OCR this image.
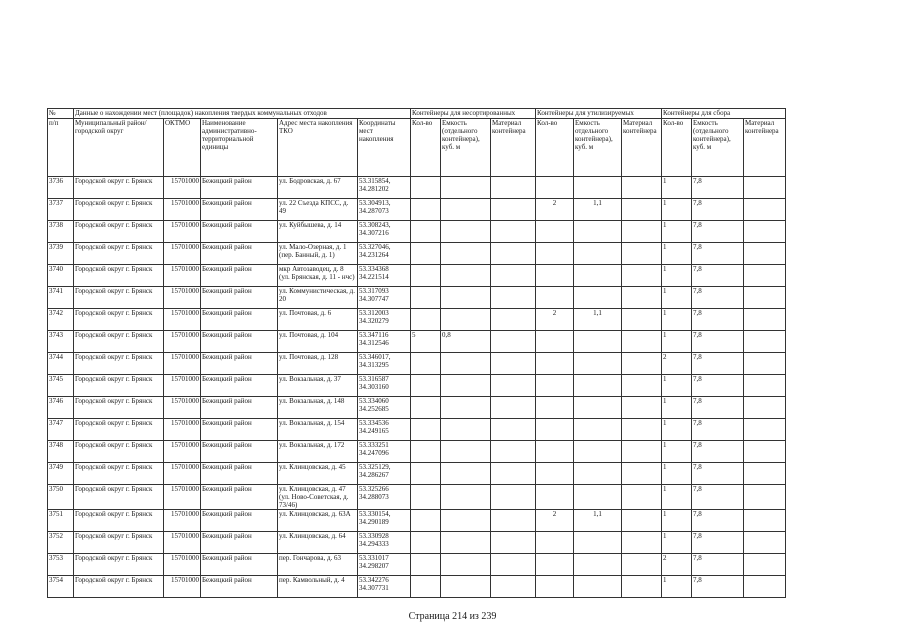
№	Данные о нахождении мест (площадок) накопления твердых коммунальных отходов					Контейнеры для несортированных			Контейнеры для утилизируемых			Контейнеры для сбора		
п/п	Муниципальный район/городской округ	ОКТМО	Наименование административно-территориальной единицы	Адрес места накопления ТКО	Координаты мест накопления	Кол-во	Емкость (отдельного контейнера), куб. м	Материал контейнера	Кол-во	Емкость отдельного контейнера), куб. м	Материал контейнера	Кол-во	Емкость (отдельного контейнера), куб. м	Материал контейнера
3736	Городской округ г. Брянск	15701000	Бежицкий район	ул. Бодровская, д. 67	53.315854, 34.281202							1	7,8	
3737	Городской округ г. Брянск	15701000	Бежицкий район	ул. 22 Съезда КПСС, д. 49	53.304913, 34.287073				2	1,1		1	7,8	
3738	Городской округ г. Брянск	15701000	Бежицкий район	ул. Куйбышева, д. 14	53.308243, 34.307216							1	7,8	
3739	Городской округ г. Брянск	15701000	Бежицкий район	ул. Мало-Озерная, д. 1 (пер. Банный, д. 1)	53.327046, 34.231264							1	7,8	
3740	Городской округ г. Брянск	15701000	Бежицкий район	мкр Автозаводец, д. 8 (ул. Брянская, д. 11 - нчс)	53.334368 34.221514							1	7,8	
3741	Городской округ г. Брянск	15701000	Бежицкий район	ул. Коммунистическая, д. 20	53.317093 34.307747							1	7,8	
3742	Городской округ г. Брянск	15701000	Бежицкий район	ул. Почтовая, д. 6	53.312003 34.320279				2	1,1		1	7,8	
3743	Городской округ г. Брянск	15701000	Бежицкий район	ул. Почтовая, д. 104	53.347116 34.312546	5	0,8					1	7,8	
3744	Городской округ г. Брянск	15701000	Бежицкий район	ул. Почтовая, д. 128	53.346017, 34.313295							2	7,8	
3745	Городской округ г. Брянск	15701000	Бежицкий район	ул. Вокзальная, д. 37	53.316587 34.303160							1	7,8	
3746	Городской округ г. Брянск	15701000	Бежицкий район	ул. Вокзальная, д. 148	53.334060 34.252685							1	7,8	
3747	Городской округ г. Брянск	15701000	Бежицкий район	ул. Вокзальная, д. 154	53.334536 34.249165							1	7,8	
3748	Городской округ г. Брянск	15701000	Бежицкий район	ул. Вокзальная, д. 172	53.333251 34.247096							1	7,8	
3749	Городской округ г. Брянск	15701000	Бежицкий район	ул. Клинцовская, д. 45	53.325129, 34.286267							1	7,8	
3750	Городской округ г. Брянск	15701000	Бежицкий район	ул. Клинцовская, д. 47 (ул. Ново-Советская, д. 73/46)	53.325266 34.288073							1	7,8	
3751	Городской округ г. Брянск	15701000	Бежицкий район	ул. Клинцовская, д. 63А	53.330154, 34.290189				2	1,1		1	7,8	
3752	Городской округ г. Брянск	15701000	Бежицкий район	ул. Клинцовская, д. 64	53.330928 34.294333							1	7,8	
3753	Городской округ г. Брянск	15701000	Бежицкий район	пер. Гончарова, д. 63	53.331017 34.298207							2	7,8	
3754	Городской округ г. Брянск	15701000	Бежицкий район	пер. Камвольный, д. 4	53.342276 34.307731							1	7,8	
Страница 214 из 239
